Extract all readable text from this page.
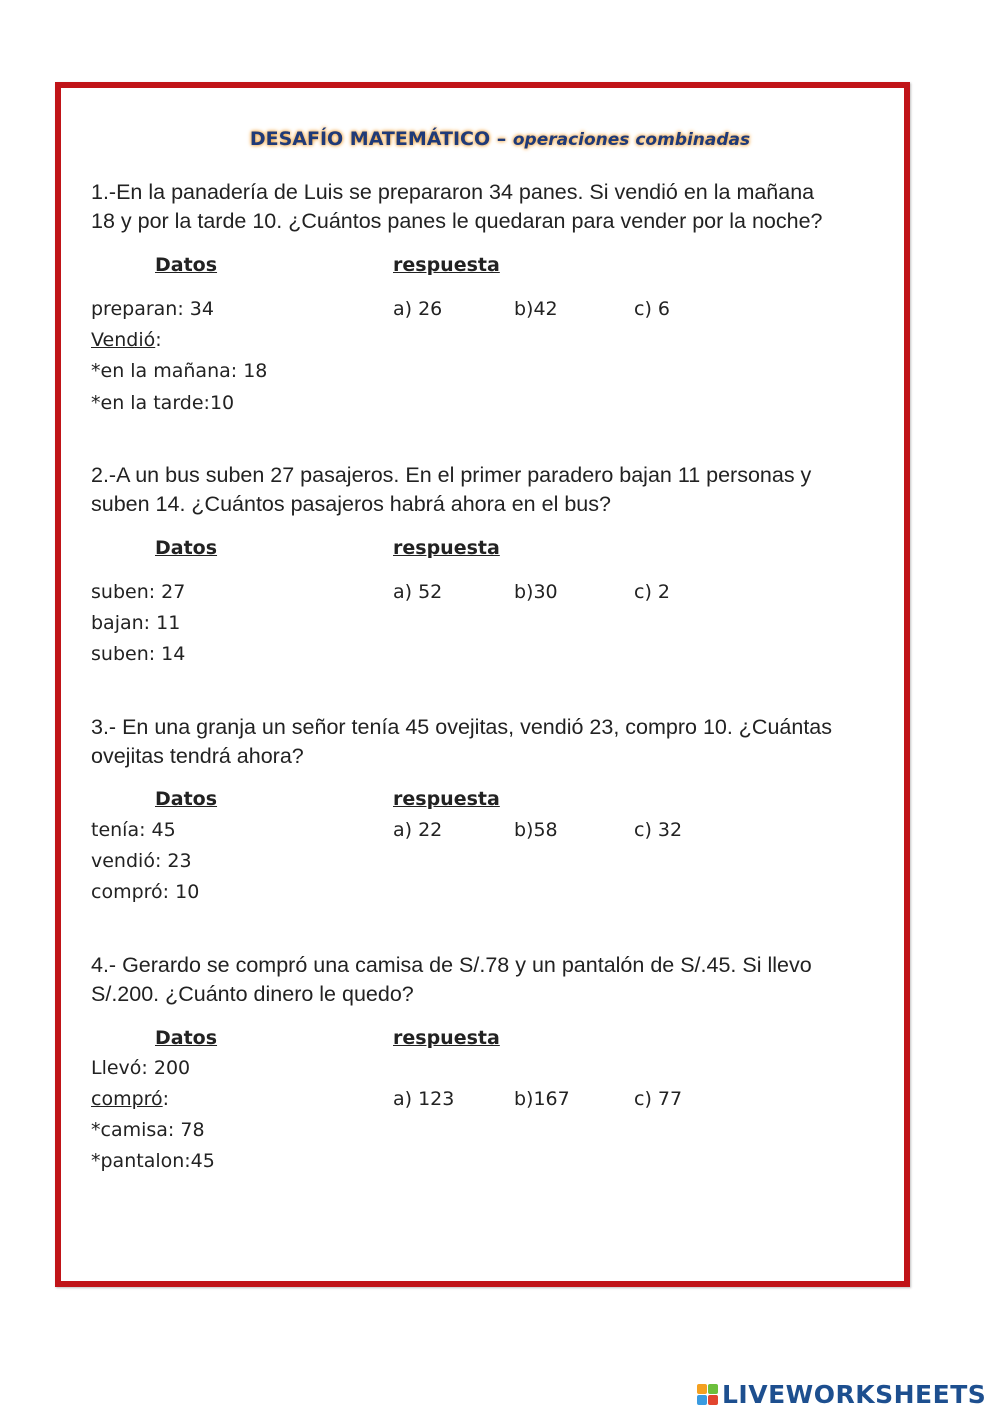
DESAFÍO MATEMÁTICO – operaciones combinadas
1.-En la panadería de Luis se prepararon 34 panes. Si vendió en la mañana
18 y por la tarde 10. ¿Cuántos panes le quedaran para vender por la noche?
Datos	respuesta
preparan: 34	a) 26	b)42	c) 6
Vendió:
*en la mañana: 18
*en la tarde:10
2.-A un bus suben 27 pasajeros. En el primer paradero bajan 11 personas y
suben 14. ¿Cuántos pasajeros habrá ahora en el bus?
Datos	respuesta
suben: 27	a) 52	b)30	c) 2
bajan: 11
suben: 14
3.- En una granja un señor tenía 45 ovejitas, vendió 23, compro 10. ¿Cuántas
ovejitas tendrá ahora?
Datos	respuesta
tenía: 45	a) 22	b)58	c) 32
vendió: 23
compró: 10
4.- Gerardo se compró una camisa de S/.78 y un pantalón de S/.45. Si llevo
S/.200. ¿Cuánto dinero le quedo?
Datos	respuesta
Llevó: 200
compró:	a) 123	b)167	c) 77
*camisa: 78
*pantalon:45
LIVEWORKSHEETS
